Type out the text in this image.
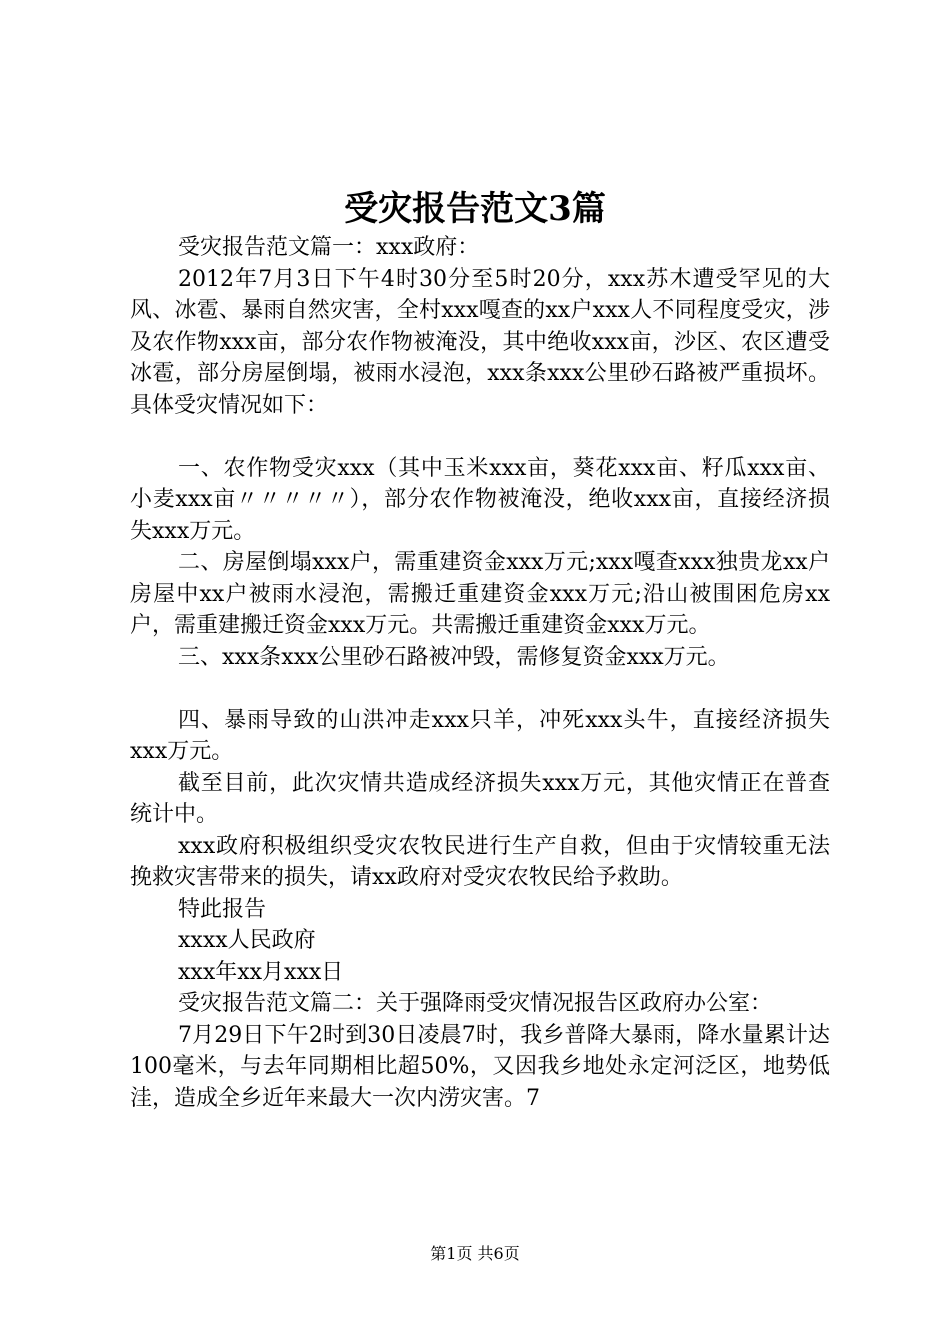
受灾报告范文3篇

受灾报告范文篇一：xxx政府：

2012年7月3日下午4时30分至5时20分，xxx苏木遭受罕见的大风、冰雹、暴雨自然灾害，全村xxx嘎查的xx户xxx人不同程度受灾，涉及农作物xxx亩，部分农作物被淹没，其中绝收xxx亩，沙区、农区遭受冰雹，部分房屋倒塌，被雨水浸泡，xxx条xxx公里砂石路被严重损坏。具体受灾情况如下：

一、农作物受灾xxx（其中玉米xxx亩，葵花xxx亩、籽瓜xxx亩、小麦xxx亩〃〃〃〃〃），部分农作物被淹没，绝收xxx亩，直接经济损失xxx万元。

二、房屋倒塌xxx户，需重建资金xxx万元;xxx嘎查xxx独贵龙xx户房屋中xx户被雨水浸泡，需搬迁重建资金xxx万元;沿山被围困危房xx户，需重建搬迁资金xxx万元。共需搬迁重建资金xxx万元。

三、xxx条xxx公里砂石路被冲毁，需修复资金xxx万元。

四、暴雨导致的山洪冲走xxx只羊，冲死xxx头牛，直接经济损失xxx万元。

截至目前，此次灾情共造成经济损失xxx万元，其他灾情正在普查统计中。

xxx政府积极组织受灾农牧民进行生产自救，但由于灾情较重无法挽救灾害带来的损失，请xx政府对受灾农牧民给予救助。

特此报告

xxxx人民政府

xxx年xx月xxx日

受灾报告范文篇二：关于强降雨受灾情况报告区政府办公室：

7月29日下午2时到30日凌晨7时，我乡普降大暴雨，降水量累计达100毫米，与去年同期相比超50%，又因我乡地处永定河泛区，地势低洼，造成全乡近年来最大一次内涝灾害。7

第1页 共6页
